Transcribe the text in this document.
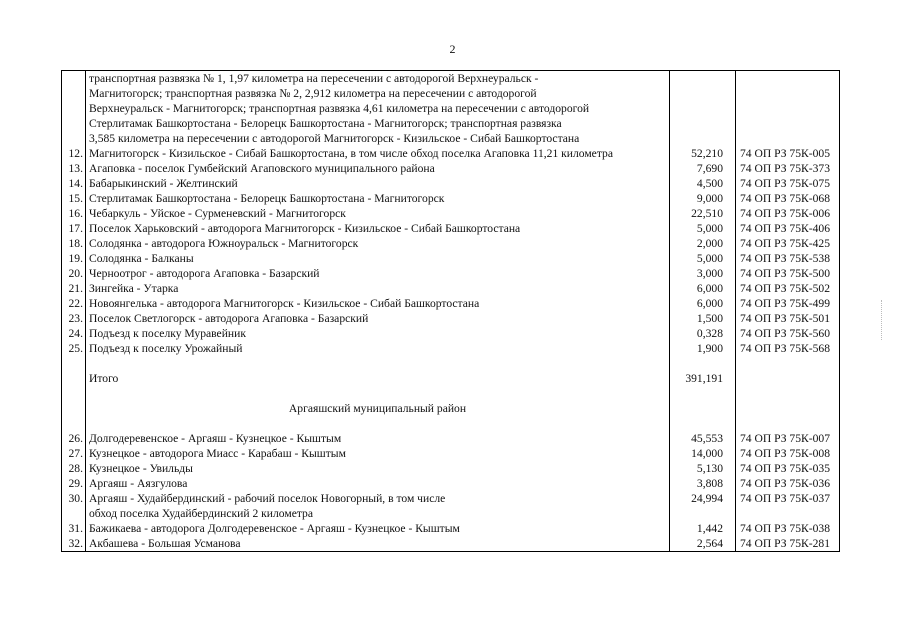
2

	транспортная развязка № 1, 1,97 километра на пересечении с автодорогой Верхнеуральск -
Магнитогорск; транспортная развязка № 2, 2,912 километра на пересечении с автодорогой
Верхнеуральск - Магнитогорск; транспортная развязка 4,61 километра на пересечении с автодорогой
Стерлитамак Башкортостана - Белорецк Башкортостана - Магнитогорск; транспортная развязка
3,585 километра на пересечении с автодорогой Магнитогорск - Кизильское - Сибай Башкортостана		

12.	Магнитогорск - Кизильское - Сибай Башкортостана, в том числе обход поселка Агаповка 11,21 километра	52,210	74 ОП РЗ 75К-005
13.	Агаповка - поселок Гумбейский Агаповского муниципального района	7,690	74 ОП РЗ 75К-373
14.	Бабарыкинский - Желтинский	4,500	74 ОП РЗ 75К-075
15.	Стерлитамак Башкортостана - Белорецк Башкортостана - Магнитогорск	9,000	74 ОП РЗ 75К-068
16.	Чебаркуль - Уйское - Сурменевский - Магнитогорск	22,510	74 ОП РЗ 75К-006
17.	Поселок Харьковский - автодорога Магнитогорск - Кизильское - Сибай Башкортостана	5,000	74 ОП РЗ 75К-406
18.	Солодянка - автодорога Южноуральск - Магнитогорск	2,000	74 ОП РЗ 75К-425
19.	Солодянка - Балканы	5,000	74 ОП РЗ 75К-538
20.	Черноотрог - автодорога Агаповка - Базарский	3,000	74 ОП РЗ 75К-500
21.	Зингейка - Утарка	6,000	74 ОП РЗ 75К-502
22.	Новоянгелька - автодорога Магнитогорск - Кизильское - Сибай Башкортостана	6,000	74 ОП РЗ 75К-499
23.	Поселок Светлогорск - автодорога Агаповка - Базарский	1,500	74 ОП РЗ 75К-501
24.	Подъезд к поселку Муравейник	0,328	74 ОП РЗ 75К-560
25.	Подъезд к поселку Урожайный	1,900	74 ОП РЗ 75К-568

	Итого	391,191	

	Аргаяшский муниципальный район		

26.	Долгодеревенское - Аргаяш - Кузнецкое - Кыштым	45,553	74 ОП РЗ 75К-007
27.	Кузнецкое - автодорога Миасс - Карабаш - Кыштым	14,000	74 ОП РЗ 75К-008
28.	Кузнецкое - Увильды	5,130	74 ОП РЗ 75К-035
29.	Аргаяш - Аязгулова	3,808	74 ОП РЗ 75К-036
30.	Аргаяш - Худайбердинский - рабочий поселок Новогорный, в том числе
обход поселка Худайбердинский 2 километра	24,994	74 ОП РЗ 75К-037
31.	Бажикаева - автодорога Долгодеревенское - Аргаяш - Кузнецкое - Кыштым	1,442	74 ОП РЗ 75К-038
32.	Акбашева - Большая Усманова	2,564	74 ОП РЗ 75К-281
